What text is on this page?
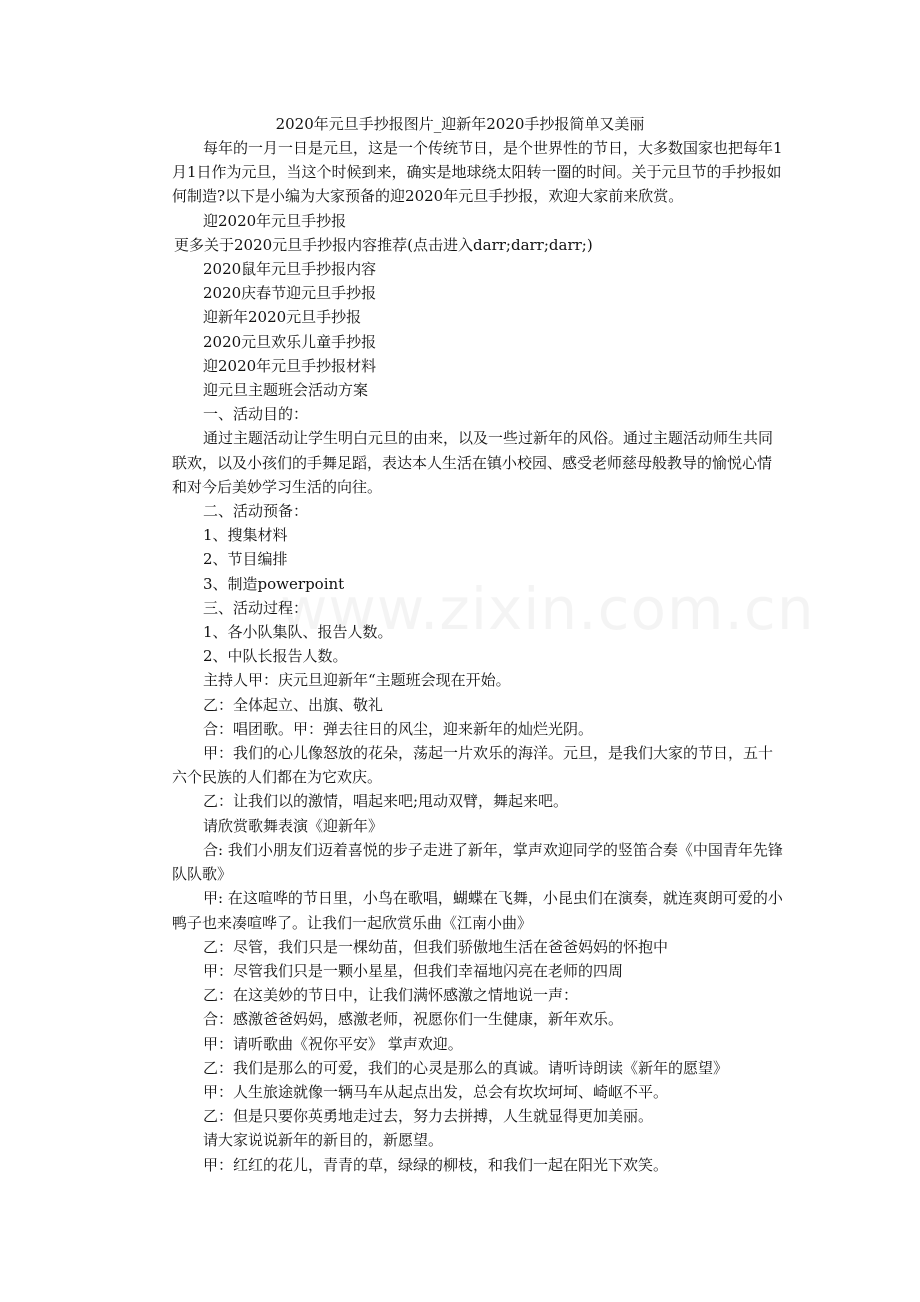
2020年元旦手抄报图片_迎新年2020手抄报简单又美丽

每年的一月一日是元旦，这是一个传统节日，是个世界性的节日，大多数国家也把每年1月1日作为元旦，当这个时候到来，确实是地球绕太阳转一圈的时间。关于元旦节的手抄报如何制造?以下是小编为大家预备的迎2020年元旦手抄报，欢迎大家前来欣赏。

迎2020年元旦手抄报

更多关于2020元旦手抄报内容推荐(点击进入darr;darr;darr;)

2020鼠年元旦手抄报内容

2020庆春节迎元旦手抄报

迎新年2020元旦手抄报

2020元旦欢乐儿童手抄报

迎2020年元旦手抄报材料

迎元旦主题班会活动方案

一、活动目的：

通过主题活动让学生明白元旦的由来，以及一些过新年的风俗。通过主题活动师生共同联欢，以及小孩们的手舞足蹈，表达本人生活在镇小校园、感受老师慈母般教导的愉悦心情和对今后美妙学习生活的向往。

二、活动预备：

1、搜集材料

2、节目编排

3、制造powerpoint

三、活动过程：

1、各小队集队、报告人数。

2、中队长报告人数。

主持人甲：庆元旦迎新年“主题班会现在开始。

乙：全体起立、出旗、敬礼

合：唱团歌。甲：弹去往日的风尘，迎来新年的灿烂光阴。

甲：我们的心儿像怒放的花朵，荡起一片欢乐的海洋。元旦，是我们大家的节日，五十六个民族的人们都在为它欢庆。

乙：让我们以的激情，唱起来吧;甩动双臂，舞起来吧。

请欣赏歌舞表演《迎新年》

合: 我们小朋友们迈着喜悦的步子走进了新年，掌声欢迎同学的竖笛合奏《中国青年先锋队队歌》

甲: 在这喧哗的节日里，小鸟在歌唱，蝴蝶在飞舞，小昆虫们在演奏，就连爽朗可爱的小鸭子也来凑喧哗了。让我们一起欣赏乐曲《江南小曲》

乙：尽管，我们只是一棵幼苗，但我们骄傲地生活在爸爸妈妈的怀抱中

甲：尽管我们只是一颗小星星，但我们幸福地闪亮在老师的四周

乙：在这美妙的节日中，让我们满怀感激之情地说一声：

合：感激爸爸妈妈，感激老师，祝愿你们一生健康，新年欢乐。

甲：请听歌曲《祝你平安》 掌声欢迎。

乙：我们是那么的可爱，我们的心灵是那么的真诚。请听诗朗读《新年的愿望》

甲：人生旅途就像一辆马车从起点出发，总会有坎坎坷坷、崎岖不平。

乙：但是只要你英勇地走过去，努力去拼搏，人生就显得更加美丽。

请大家说说新年的新目的，新愿望。

甲：红红的花儿，青青的草，绿绿的柳枝，和我们一起在阳光下欢笑。
